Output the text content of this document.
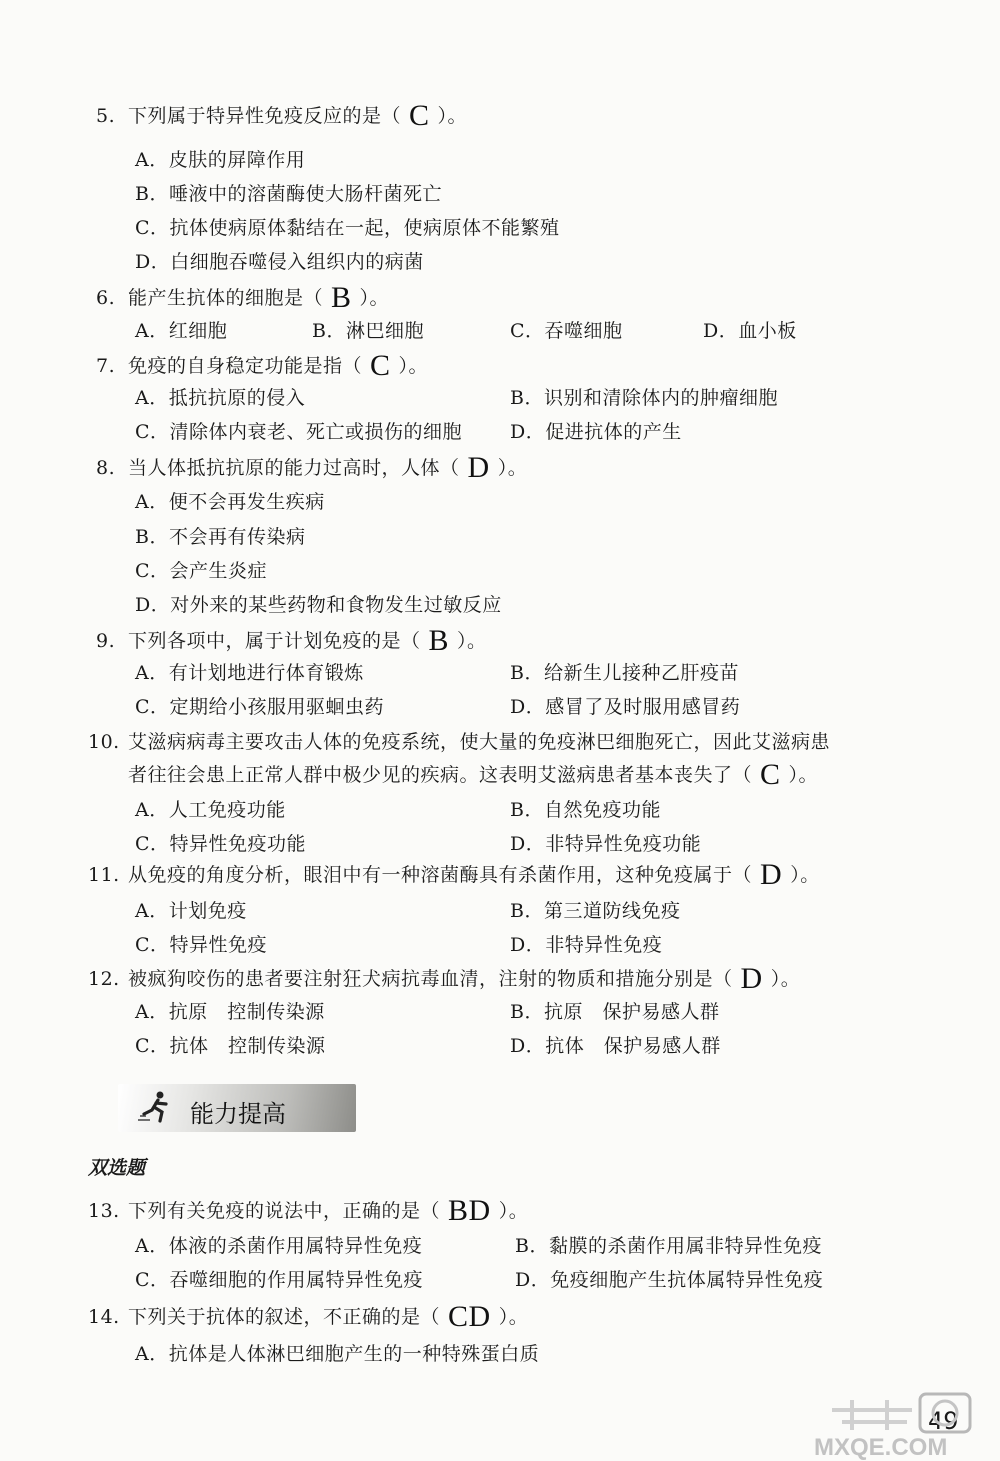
5. 下列属于特异性免疫反应的是（ C ）。
A．皮肤的屏障作用
B．唾液中的溶菌酶使大肠杆菌死亡
C．抗体使病原体黏结在一起，使病原体不能繁殖
D．白细胞吞噬侵入组织内的病菌
6. 能产生抗体的细胞是（ B ）。
A．红细胞	B．淋巴细胞	C．吞噬细胞	D．血小板
7. 免疫的自身稳定功能是指（ C ）。
A．抵抗抗原的侵入	B．识别和清除体内的肿瘤细胞
C．清除体内衰老、死亡或损伤的细胞	D．促进抗体的产生
8. 当人体抵抗抗原的能力过高时，人体（ D ）。
A．便不会再发生疾病
B．不会再有传染病
C．会产生炎症
D．对外来的某些药物和食物发生过敏反应
9. 下列各项中，属于计划免疫的是（ B ）。
A．有计划地进行体育锻炼	B．给新生儿接种乙肝疫苗
C．定期给小孩服用驱蛔虫药	D．感冒了及时服用感冒药
10. 艾滋病病毒主要攻击人体的免疫系统，使大量的免疫淋巴细胞死亡，因此艾滋病患
者往往会患上正常人群中极少见的疾病。这表明艾滋病患者基本丧失了（ C ）。
A．人工免疫功能	B．自然免疫功能
C．特异性免疫功能	D．非特异性免疫功能
11. 从免疫的角度分析，眼泪中有一种溶菌酶具有杀菌作用，这种免疫属于（ D ）。
A．计划免疫	B．第三道防线免疫
C．特异性免疫	D．非特异性免疫
12. 被疯狗咬伤的患者要注射狂犬病抗毒血清，注射的物质和措施分别是（ D ）。
A．抗原　控制传染源	B．抗原　保护易感人群
C．抗体　控制传染源	D．抗体　保护易感人群
13. 下列有关免疫的说法中，正确的是（ BD ）。
A．体液的杀菌作用属特异性免疫	B．黏膜的杀菌作用属非特异性免疫
C．吞噬细胞的作用属特异性免疫	D．免疫细胞产生抗体属特异性免疫
14. 下列关于抗体的叙述，不正确的是（ CD ）。
A．抗体是人体淋巴细胞产生的一种特殊蛋白质
能力提高
双选题
49
MXQE.COM
